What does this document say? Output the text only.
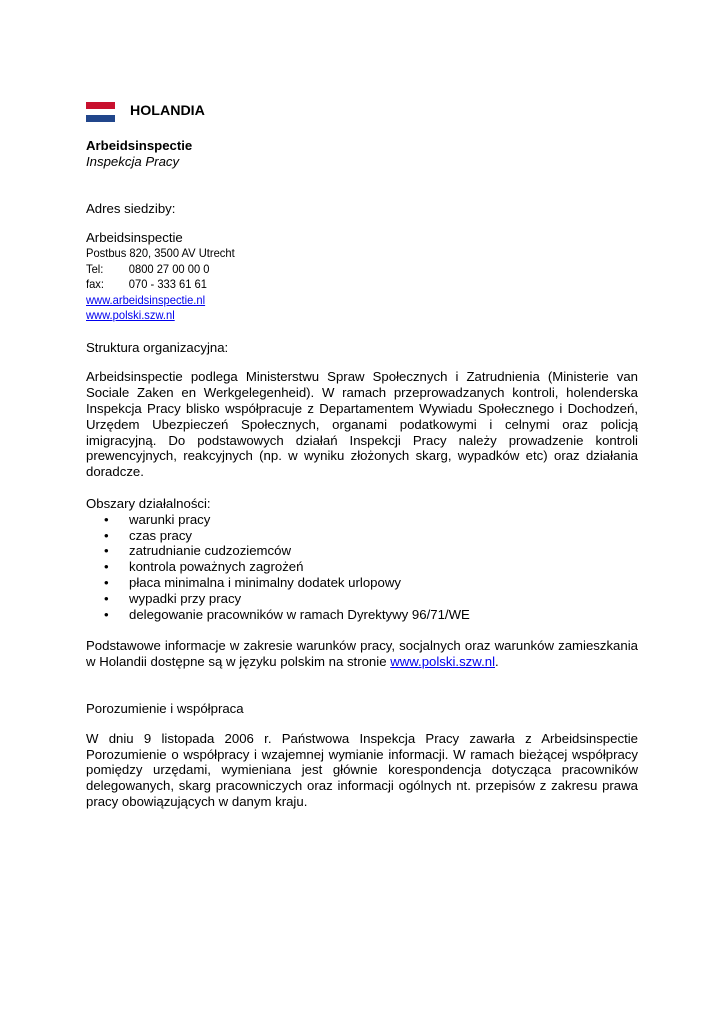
HOLANDIA
Arbeidsinspectie
Inspekcja Pracy
Adres siedziby:
Arbeidsinspectie
Postbus 820, 3500 AV Utrecht
Tel: 0800 27 00 00 0
fax: 070 - 333 61 61
www.arbeidsinspectie.nl
www.polski.szw.nl
Struktura organizacyjna:
Arbeidsinspectie podlega Ministerstwu Spraw Społecznych i Zatrudnienia (Ministerie van Sociale Zaken en Werkgelegenheid). W ramach przeprowadzanych kontroli, holenderska Inspekcja Pracy blisko współpracuje z Departamentem Wywiadu Społecznego i Dochodzeń, Urzędem Ubezpieczeń Społecznych, organami podatkowymi i celnymi oraz policją imigracyjną. Do podstawowych działań Inspekcji Pracy należy prowadzenie kontroli prewencyjnych, reakcyjnych (np. w wyniku złożonych skarg, wypadków etc) oraz działania doradcze.
Obszary działalności:
•	warunki pracy
•	czas pracy
•	zatrudnianie cudzoziemców
•	kontrola poważnych zagrożeń
•	płaca minimalna i minimalny dodatek urlopowy
•	wypadki przy pracy
•	delegowanie pracowników w ramach Dyrektywy 96/71/WE
Podstawowe informacje w zakresie warunków pracy, socjalnych oraz warunków zamieszkania w Holandii dostępne są w języku polskim na stronie www.polski.szw.nl.
Porozumienie i współpraca
W dniu 9 listopada 2006 r. Państwowa Inspekcja Pracy zawarła z Arbeidsinspectie Porozumienie o współpracy i wzajemnej wymianie informacji. W ramach bieżącej współpracy pomiędzy urzędami, wymieniana jest głównie korespondencja dotycząca pracowników delegowanych, skarg pracowniczych oraz informacji ogólnych nt. przepisów z zakresu prawa pracy obowiązujących w danym kraju.
